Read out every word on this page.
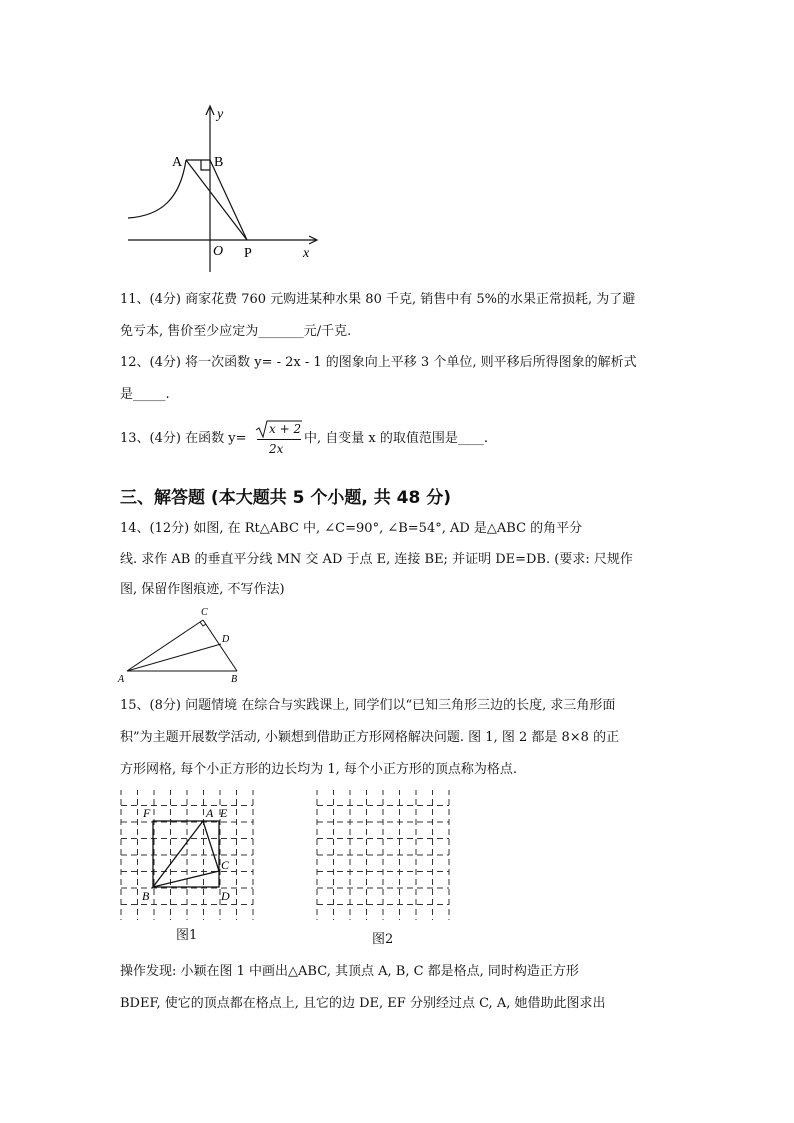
A B
O P	x
y
11、(4分) 商家花费 760 元购进某种水果 80 千克, 销售中有 5%的水果正常损耗, 为了避
免亏本, 售价至少应定为_______元/千克.
12、(4分) 将一次函数 y= - 2x - 1 的图象向上平移 3 个单位, 则平移后所得图象的解析式
是_____.
13、(4分) 在函数 y=
x + 2
2x
中, 自变量 x 的取值范围是____.
三、解答题 (本大题共 5 个小题, 共 48 分)
14、(12分) 如图, 在 Rt△ABC 中, ∠C=90°, ∠B=54°, AD 是△ABC 的角平分
线. 求作 AB 的垂直平分线 MN 交 AD 于点 E, 连接 BE; 并证明 DE=DB. (要求: 尺规作
图, 保留作图痕迹, 不写作法)
A	B
C
D
15、(8分) 问题情境 在综合与实践课上, 同学们以“已知三角形三边的长度, 求三角形面
积”为主题开展数学活动, 小颖想到借助正方形网格解决问题. 图 1, 图 2 都是 8×8 的正
方形网格, 每个小正方形的边长均为 1, 每个小正方形的顶点称为格点.
F	A E
C
B	D
图1	图2
操作发现: 小颖在图 1 中画出△ABC, 其顶点 A, B, C 都是格点, 同时构造正方形
BDEF, 使它的顶点都在格点上, 且它的边 DE, EF 分别经过点 C, A, 她借助此图求出
